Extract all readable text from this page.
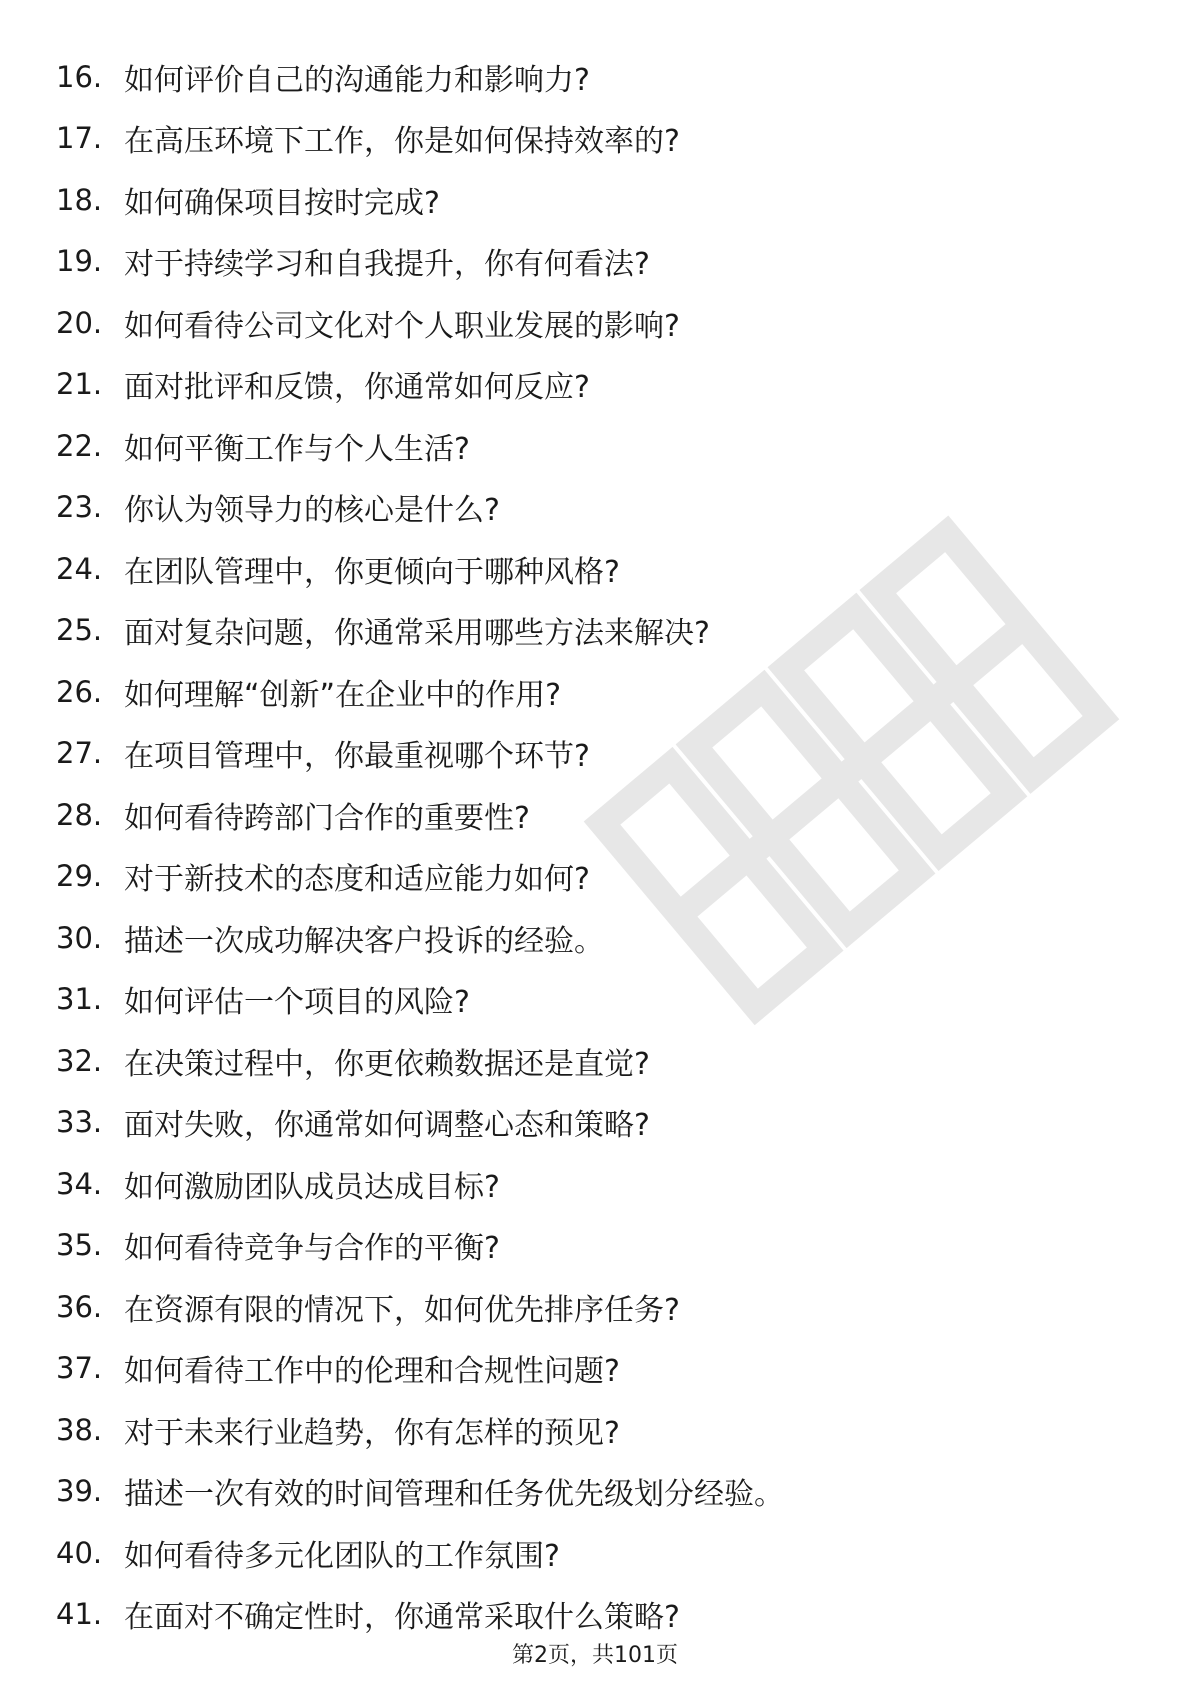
16. 如何评价自己的沟通能力和影响力?
17. 在高压环境下工作，你是如何保持效率的?
18. 如何确保项目按时完成?
19. 对于持续学习和自我提升，你有何看法?
20. 如何看待公司文化对个人职业发展的影响?
21. 面对批评和反馈，你通常如何反应?
22. 如何平衡工作与个人生活?
23. 你认为领导力的核心是什么?
24. 在团队管理中，你更倾向于哪种风格?
25. 面对复杂问题，你通常采用哪些方法来解决?
26. 如何理解“创新”在企业中的作用?
27. 在项目管理中，你最重视哪个环节?
28. 如何看待跨部门合作的重要性?
29. 对于新技术的态度和适应能力如何?
30. 描述一次成功解决客户投诉的经验。
31. 如何评估一个项目的风险?
32. 在决策过程中，你更依赖数据还是直觉?
33. 面对失败，你通常如何调整心态和策略?
34. 如何激励团队成员达成目标?
35. 如何看待竞争与合作的平衡?
36. 在资源有限的情况下，如何优先排序任务?
37. 如何看待工作中的伦理和合规性问题?
38. 对于未来行业趋势，你有怎样的预见?
39. 描述一次有效的时间管理和任务优先级划分经验。
40. 如何看待多元化团队的工作氛围?
41. 在面对不确定性时，你通常采取什么策略?
第2页，共101页
